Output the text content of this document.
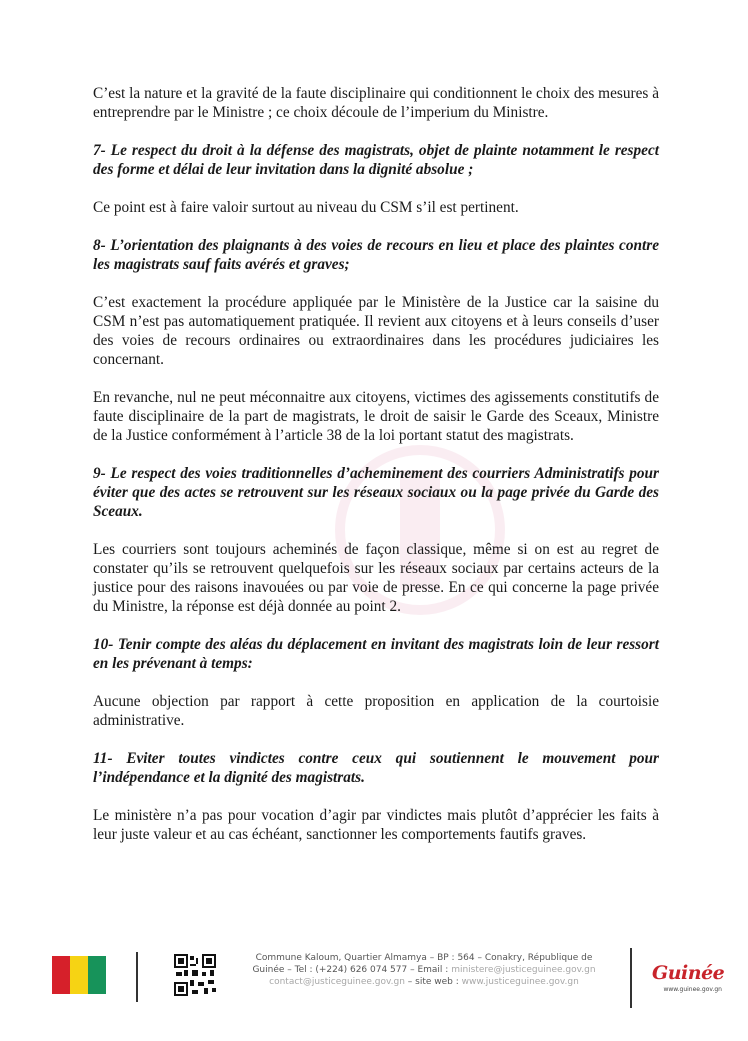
C’est la nature et la gravité de la faute disciplinaire qui conditionnent le choix des mesures à entreprendre par le Ministre ; ce choix découle de l’imperium du Ministre.

7- Le respect du droit à la défense des magistrats, objet de plainte notamment le respect des forme et délai de leur invitation dans la dignité absolue ;

Ce point est à faire valoir surtout au niveau du CSM s’il est pertinent.

8- L’orientation des plaignants à des voies de recours en lieu et place des plaintes contre les magistrats sauf faits avérés et graves;

C’est exactement la procédure appliquée par le Ministère de la Justice car la saisine du CSM n’est pas automatiquement pratiquée. Il revient aux citoyens et à leurs conseils d’user des voies de recours ordinaires ou extraordinaires dans les procédures judiciaires les concernant.

En revanche, nul ne peut méconnaitre aux citoyens, victimes des agissements constitutifs de faute disciplinaire de la part de magistrats, le droit de saisir le Garde des Sceaux, Ministre de la Justice conformément à l’article 38 de la loi portant statut des magistrats.

9- Le respect des voies traditionnelles d’acheminement des courriers Administratifs pour éviter que des actes se retrouvent sur les réseaux sociaux ou la page privée du Garde des Sceaux.

Les courriers sont toujours acheminés de façon classique, même si on est au regret de constater qu’ils se retrouvent quelquefois sur les réseaux sociaux par certains acteurs de la justice pour des raisons inavouées ou par voie de presse. En ce qui concerne la page privée du Ministre, la réponse est déjà donnée au point 2.

10- Tenir compte des aléas du déplacement en invitant des magistrats loin de leur ressort en les prévenant à temps:

Aucune objection par rapport à cette proposition en application de la courtoisie administrative.

11- Eviter toutes vindictes contre ceux qui soutiennent le mouvement pour l’indépendance et la dignité des magistrats.

Le ministère n’a pas pour vocation d’agir par vindictes mais plutôt d’apprécier les faits à leur juste valeur et au cas échéant, sanctionner les comportements fautifs graves.

Commune Kaloum, Quartier Almamya – BP : 564 – Conakry, République de
Guinée – Tel : (+224) 626 074 577 – Email : ministere@justiceguinee.gov.gn
contact@justiceguinee.gov.gn – site web : www.justiceguinee.gov.gn	Guinée
www.guinee.gov.gn
